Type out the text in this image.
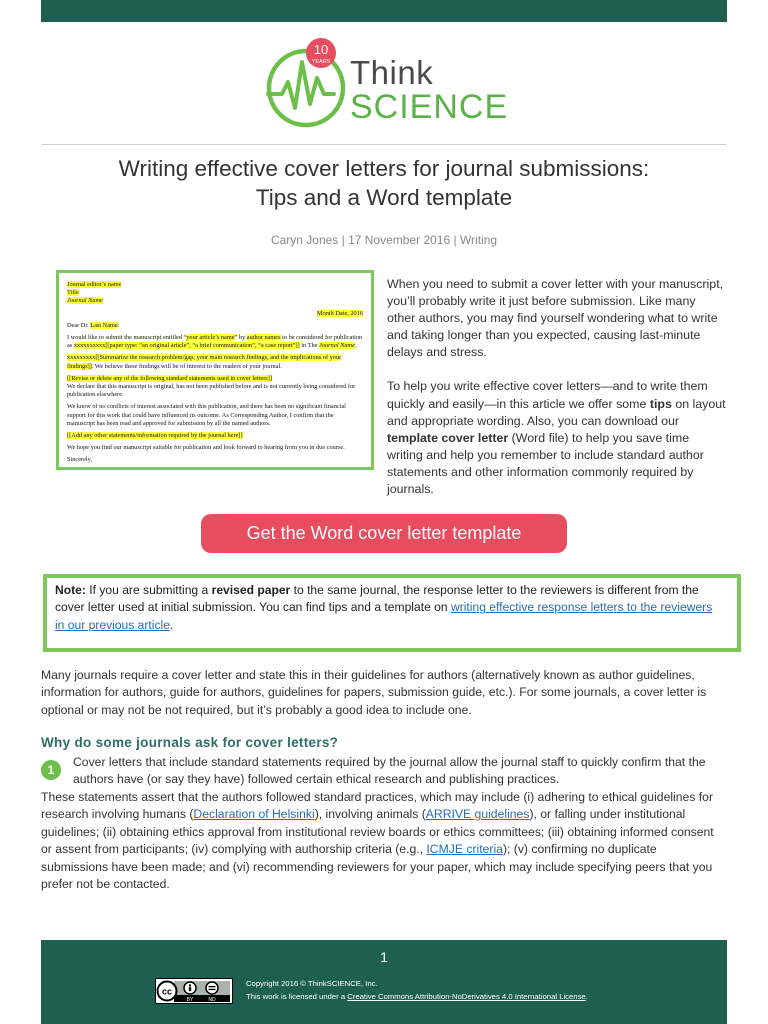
10
YEARS Think
SCIENCE
Writing effective cover letters for journal submissions:
Tips and a Word template
Caryn Jones | 17 November 2016 | Writing
Journal editor’s name
Title
Journal Name
Month Date, 2016

Dear Dr. Last Name:

I would like to submit the manuscript entitled “your article’s name” by author names to be considered for publication as xxxxxxxxxx[[paper type: “an original article”, “a brief communication”, “a case report”]] in The Journal Name.

xxxxxxxxx[[Summarize the research problem/gap, your main research findings, and the implications of your findings]]. We believe these findings will be of interest to the readers of your journal.

[[Revise or delete any of the following standard statements used in cover letters]]
We declare that this manuscript is original, has not been published before and is not currently being considered for publication elsewhere.

We know of no conflicts of interest associated with this publication, and there has been no significant financial support for this work that could have influenced its outcome. As Corresponding Author, I confirm that the manuscript has been read and approved for submission by all the named authors.

[[Add any other statements/information required by the journal here]]

We hope you find our manuscript suitable for publication and look forward to hearing from you in due course.

Sincerely,

When you need to submit a cover letter with your manuscript, you’ll probably write it just before submission. Like many other authors, you may find yourself wondering what to write and taking longer than you expected, causing last-minute delays and stress.

To help you write effective cover letters—and to write them quickly and easily—in this article we offer some tips on layout and appropriate wording. Also, you can download our template cover letter (Word file) to help you save time writing and help you remember to include standard author statements and other information commonly required by journals.

Get the Word cover letter template
Note: If you are submitting a revised paper to the same journal, the response letter to the reviewers is different from the cover letter used at initial submission. You can find tips and a template on writing effective response letters to the reviewers in our previous article.
Many journals require a cover letter and state this in their guidelines for authors (alternatively known as author guidelines, information for authors, guide for authors, guidelines for papers, submission guide, etc.). For some journals, a cover letter is optional or may not be not required, but it’s probably a good idea to include one.
Why do some journals ask for cover letters?
1
Cover letters that include standard statements required by the journal allow the journal staff to quickly confirm that the authors have (or say they have) followed certain ethical research and publishing practices.
These statements assert that the authors followed standard practices, which may include (i) adhering to ethical guidelines for research involving humans (Declaration of Helsinki), involving animals (ARRIVE guidelines), or falling under institutional guidelines; (ii) obtaining ethics approval from institutional review boards or ethics committees; (iii) obtaining informed consent or assent from participants; (iv) complying with authorship criteria (e.g., ICMJE criteria); (v) confirming no duplicate submissions have been made; and (vi) recommending reviewers for your paper, which may include specifying peers that you prefer not be contacted.
1
cc
BY	ND
Copyright 2016 © ThinkSCIENCE, Inc.
This work is licensed under a Creative Commons Attribution-NoDerivatives 4.0 International License.
